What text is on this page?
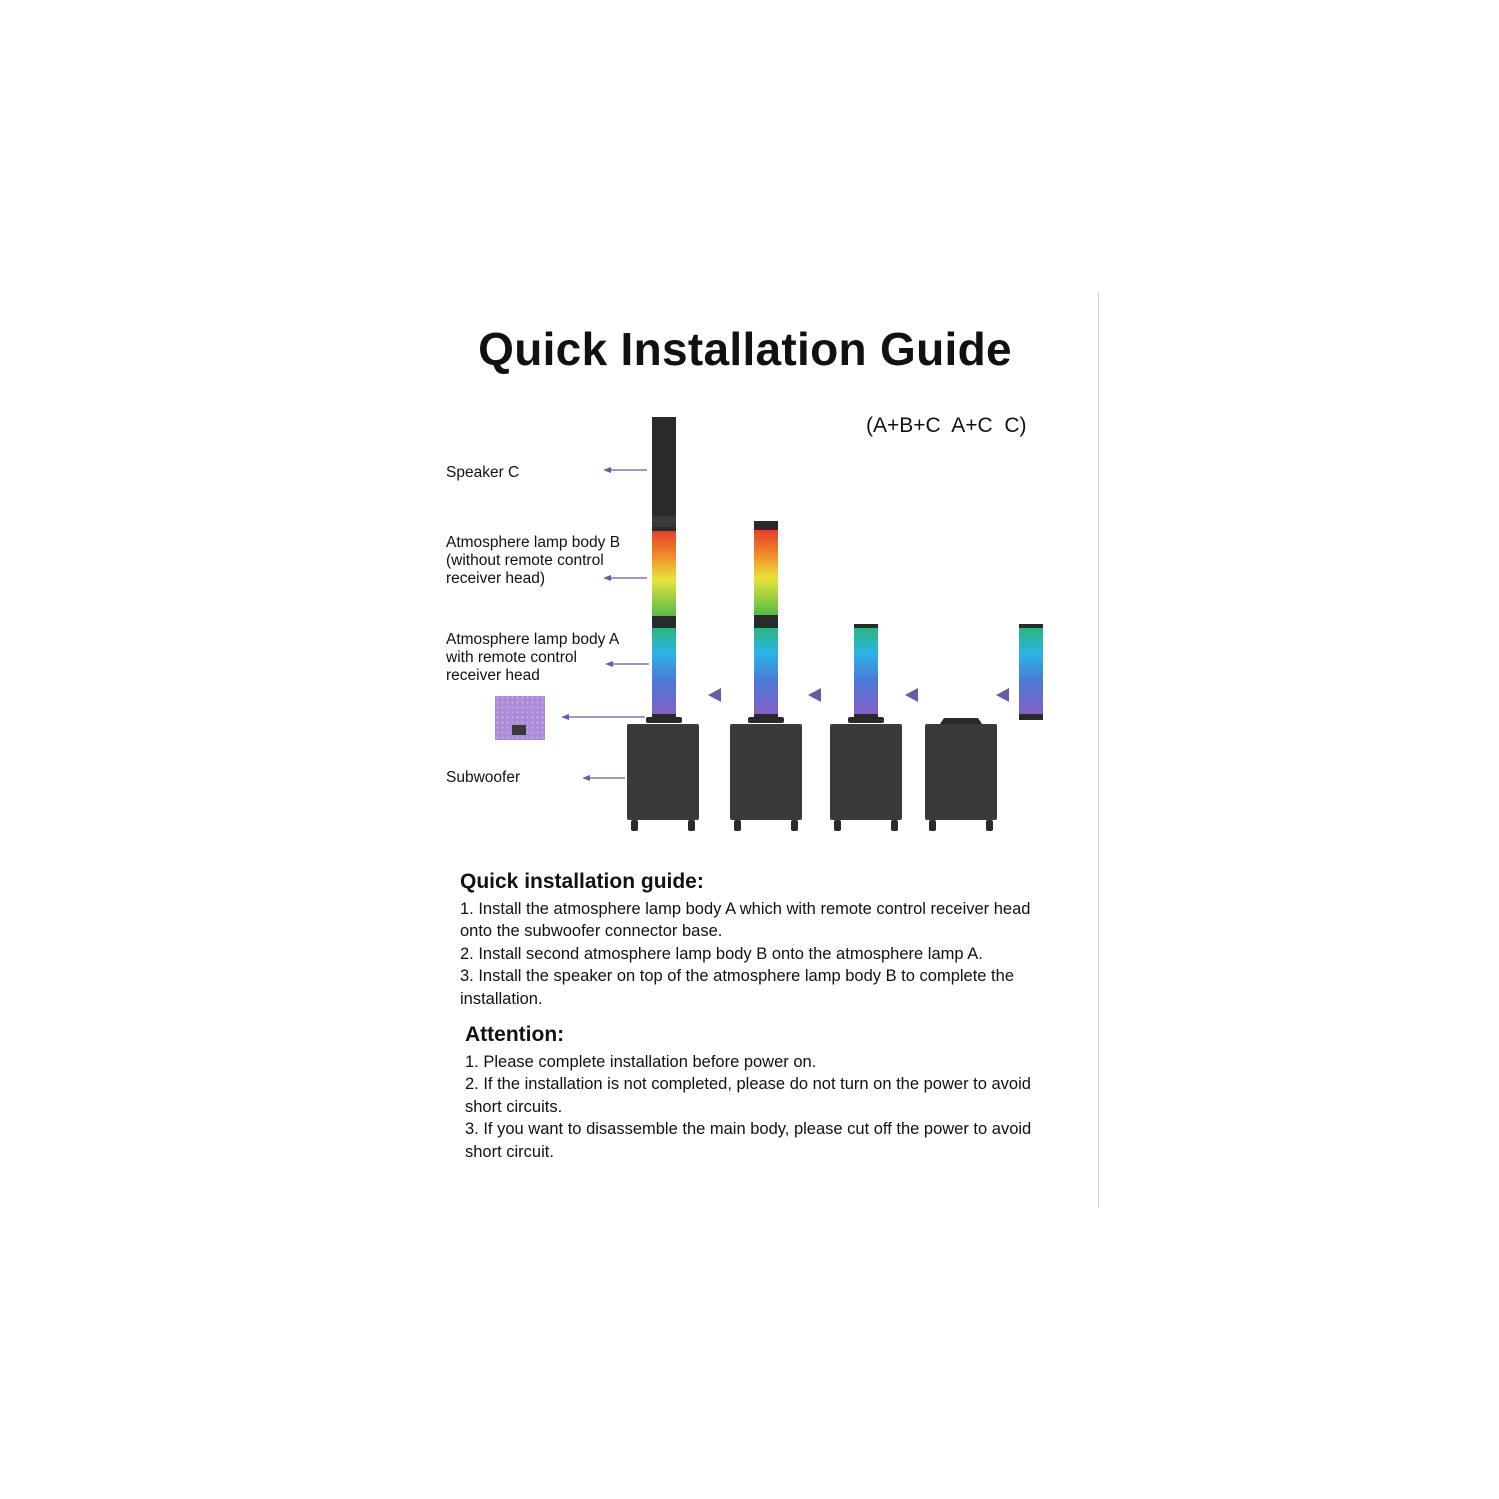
Quick Installation Guide
(A+B+C  A+C  C)
Speaker C
Atmosphere lamp body B
(without remote control
receiver head)
Atmosphere lamp body A
with remote control
receiver head
Subwoofer
Quick installation guide:

1. Install the atmosphere lamp body A which with remote control receiver head onto the subwoofer connector base.

2. Install second atmosphere lamp body B onto the atmosphere lamp A.

3. Install the speaker on top of the atmosphere lamp body B to complete the installation.

Attention:

1. Please complete installation before power on.

2. If the installation is not completed, please do not turn on the power to avoid short circuits.

3. If you want to disassemble the main body, please cut off the power to avoid short circuit.
